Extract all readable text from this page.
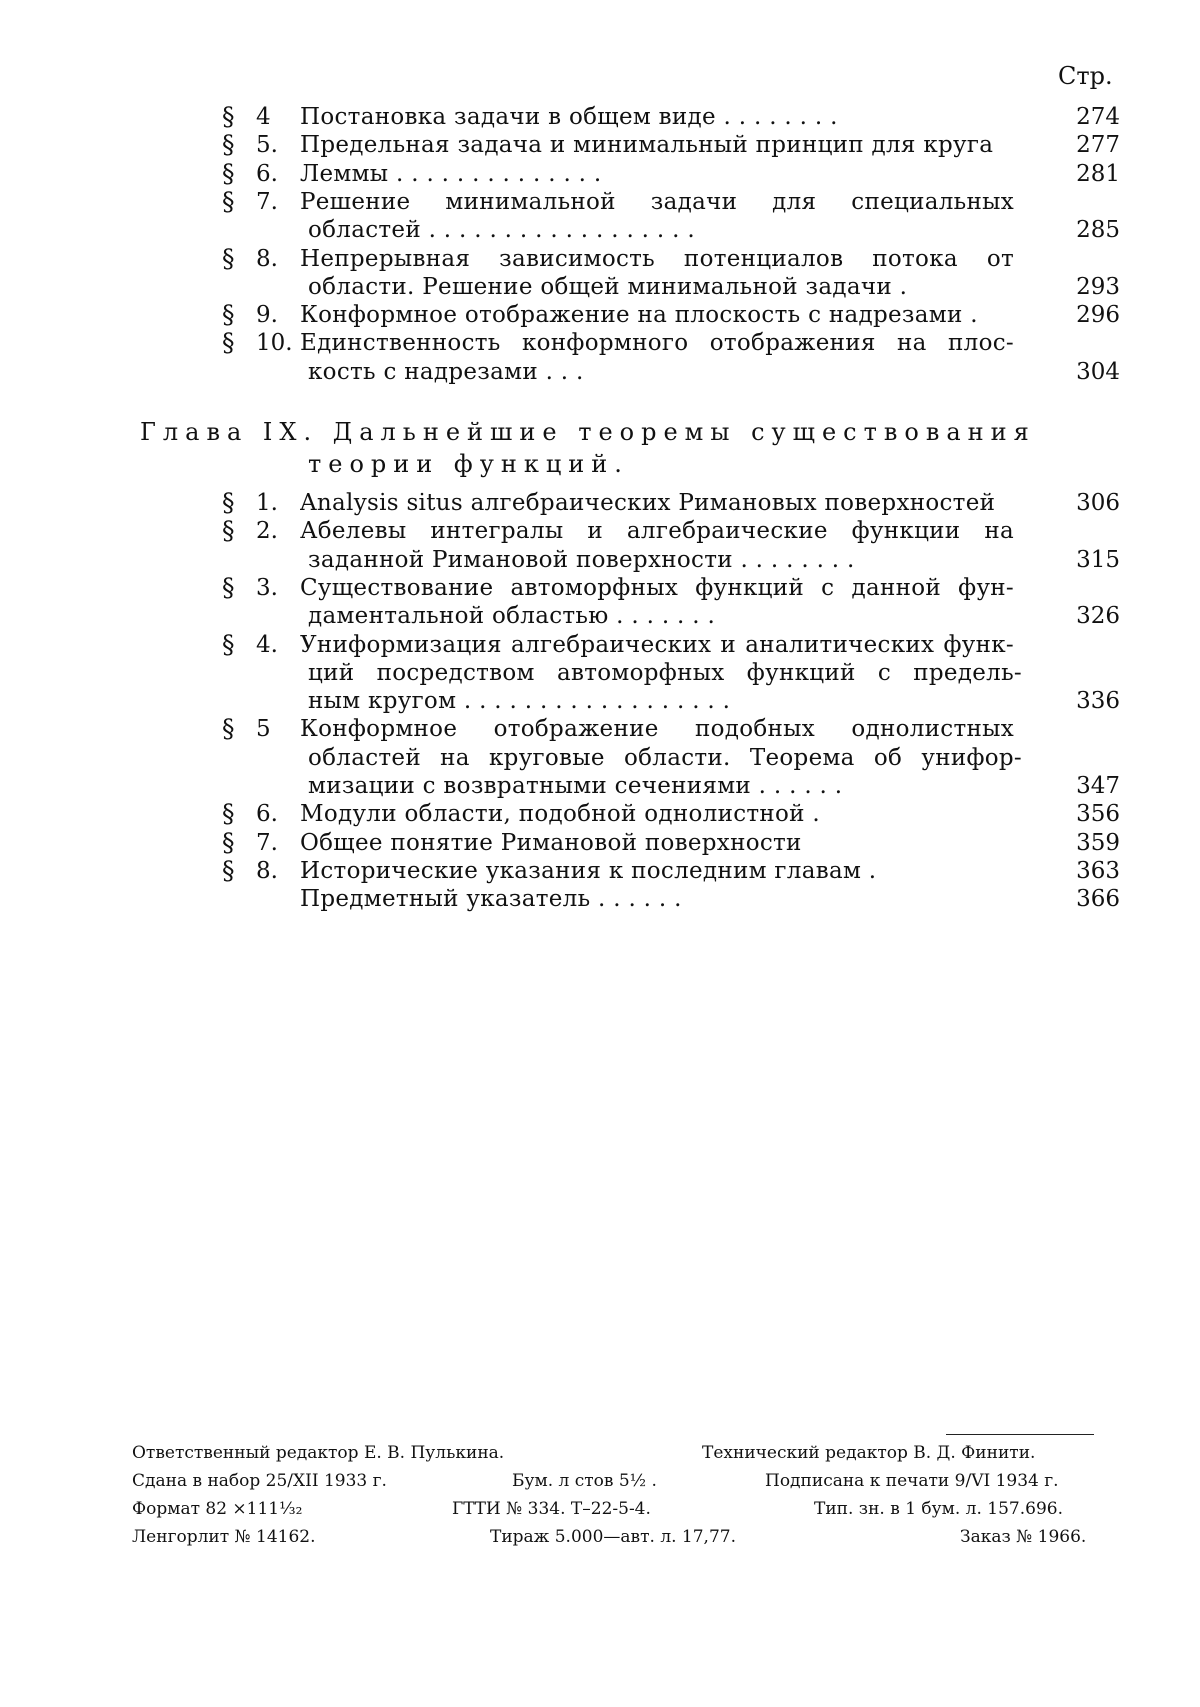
Стр.
§ 4	Постановка задачи в общем виде . . . . . . . .	274
§ 5. Предельная задача и минимальный принцип для круга	277
§ 6. Леммы . . . . . . . . . . . . . .	281
§ 7. Решение минимальной задачи для специальных
областей . . . . . . . . . . . . . . . . . .	285
§ 8. Непрерывная зависимость потенциалов потока от
области. Решение общей минимальной задачи .	293
§ 9. Конформное отображение на плоскость с надрезами .	296
§ 10. Единственность конформного отображения на плос-
кость с надрезами . . .	304
Глава IX. Дальнейшие теоремы существования
теории функций.
§ 1. Analysis situs алгебраических Римановых поверхностей	306
§ 2. Абелевы интегралы и алгебраические функции на
заданной Римановой поверхности . . . . . . . .	315
§ 3. Существование автоморфных функций с данной фун-
даментальной областью . . . . . . .	326
§ 4. Униформизация алгебраических и аналитических функ-
ций посредством автоморфных функций с предель-
ным кругом . . . . . . . . . . . . . . . . . .	336
§ 5	Конформное отображение подобных однолистных
областей на круговые области. Теорема об унифор-
мизации с возвратными сечениями . . . . . .	347
§ 6. Модули области, подобной однолистной .	356
§ 7. Общее понятие Римановой поверхности	359
§ 8. Исторические указания к последним главам .	363
Предметный указатель . . . . . .	366
Ответственный редактор Е. В. Пулькина.	Технический редактор В. Д. Финити.
Сдана в набор 25/XII 1933 г.	Бум. л стов 5½ .	Подписана к печати 9/VI 1934 г.
Формат 82 ×111¹⁄₃₂	ГТТИ № 334. Т–22-5-4.	Тип. зн. в 1 бум. л. 157.696.
Ленгорлит № 14162.	Тираж 5.000—авт. л. 17,77.	Заказ № 1966.
